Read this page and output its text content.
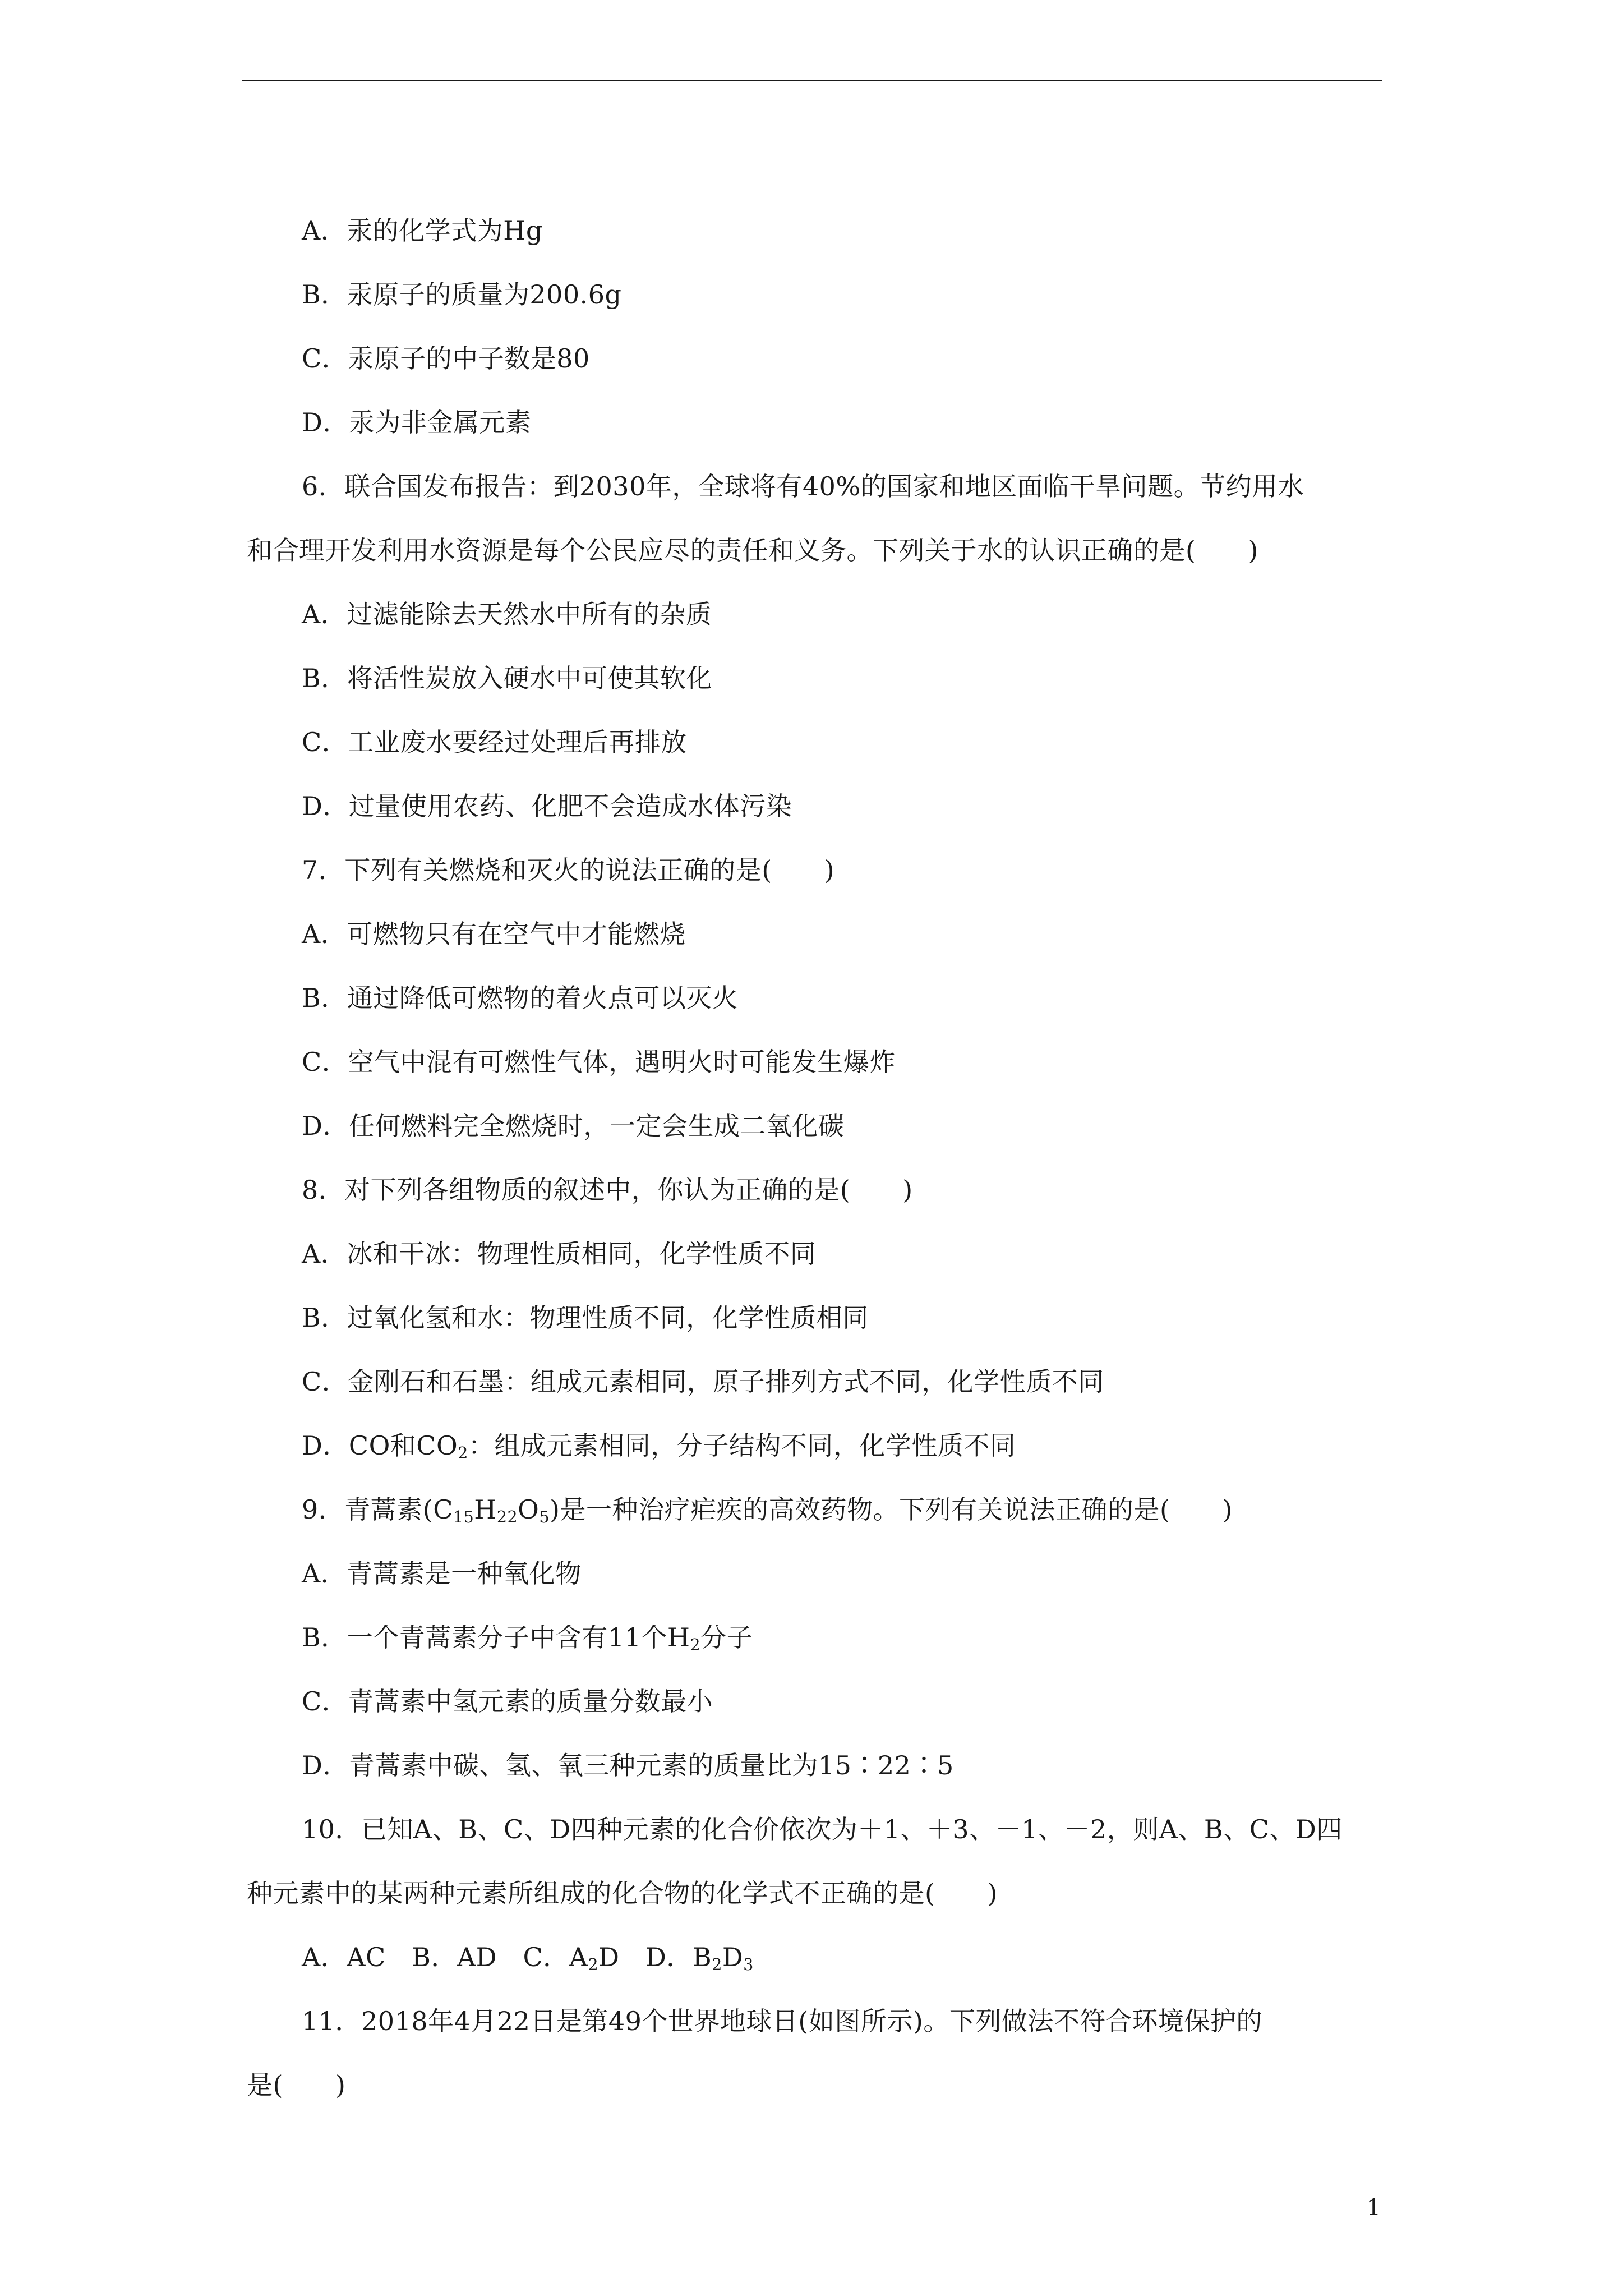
A．汞的化学式为Hg
B．汞原子的质量为200.6g
C．汞原子的中子数是80
D．汞为非金属元素
6．联合国发布报告：到2030年，全球将有40%的国家和地区面临干旱问题。节约用水
和合理开发利用水资源是每个公民应尽的责任和义务。下列关于水的认识正确的是(　　)
A．过滤能除去天然水中所有的杂质
B．将活性炭放入硬水中可使其软化
C．工业废水要经过处理后再排放
D．过量使用农药、化肥不会造成水体污染
7．下列有关燃烧和灭火的说法正确的是(　　)
A．可燃物只有在空气中才能燃烧
B．通过降低可燃物的着火点可以灭火
C．空气中混有可燃性气体，遇明火时可能发生爆炸
D．任何燃料完全燃烧时，一定会生成二氧化碳
8．对下列各组物质的叙述中，你认为正确的是(　　)
A．冰和干冰：物理性质相同，化学性质不同
B．过氧化氢和水：物理性质不同，化学性质相同
C．金刚石和石墨：组成元素相同，原子排列方式不同，化学性质不同
D．CO和$CO_2$：组成元素相同，分子结构不同，化学性质不同
9．青蒿素$(C_{15}H_{22}O_5)$是一种治疗疟疾的高效药物。下列有关说法正确的是(　　)
A．青蒿素是一种氧化物
B．一个青蒿素分子中含有11个$H_2$分子
C．青蒿素中氢元素的质量分数最小
D．青蒿素中碳、氢、氧三种元素的质量比为15∶22∶5
10．已知A、B、C、D四种元素的化合价依次为＋1、＋3、－1、－2，则A、B、C、D四
种元素中的某两种元素所组成的化合物的化学式不正确的是(　　)
A．AC　B．AD　C．$A_2D$　D．$B_2D_3$
11．2018年4月22日是第49个世界地球日(如图所示)。下列做法不符合环境保护的
是(　　)
1
